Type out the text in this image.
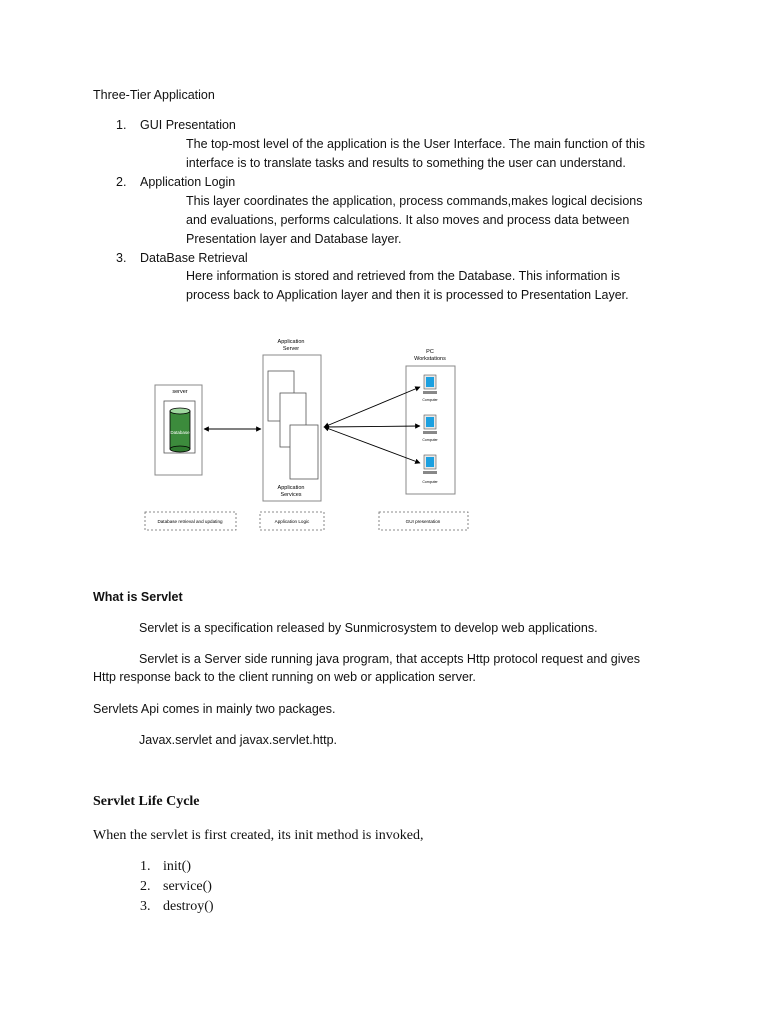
Three-Tier Application
1. GUI Presentation
The top-most level of the application is the User Interface. The main function of this
interface is to translate tasks and results to something the user can understand.
2. Application Login
This layer coordinates the application, process commands,makes logical decisions
and evaluations, performs calculations. It also moves and process data between
Presentation layer and Database layer.
3. DataBase Retrieval
Here information is stored and retrieved from the Database. This information is
process back to Application layer and then it is processed to Presentation Layer.
server
Database
Application
Server
Application
Services
PC
Workstations
Computer
Computer
Computer
Database retrieval and updating	Application Logic	GUI presentation
What is Servlet
Servlet is a specification released by Sunmicrosystem to develop web applications.
Servlet is a Server side running java program, that accepts Http protocol request and gives
Http response back to the client running on web or application server.
Servlets Api comes in mainly two packages.
Javax.servlet and javax.servlet.http.
Servlet Life Cycle
When the servlet is first created, its init method is invoked,
1. init()
2. service()
3. destroy()
